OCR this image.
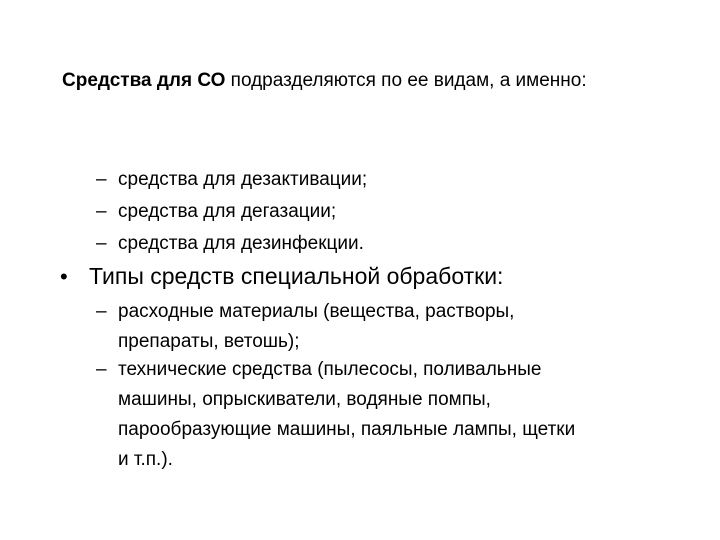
Средства для СО подразделяются по ее видам, а именно:
– средства для дезактивации;
– средства для дегазации;
– средства для дезинфекции.
• Типы средств специальной обработки:
– расходные материалы (вещества, растворы,
препараты, ветошь);
– технические средства (пылесосы, поливальные
машины, опрыскиватели, водяные помпы,
парообразующие машины, паяльные лампы, щетки
и т.п.).
